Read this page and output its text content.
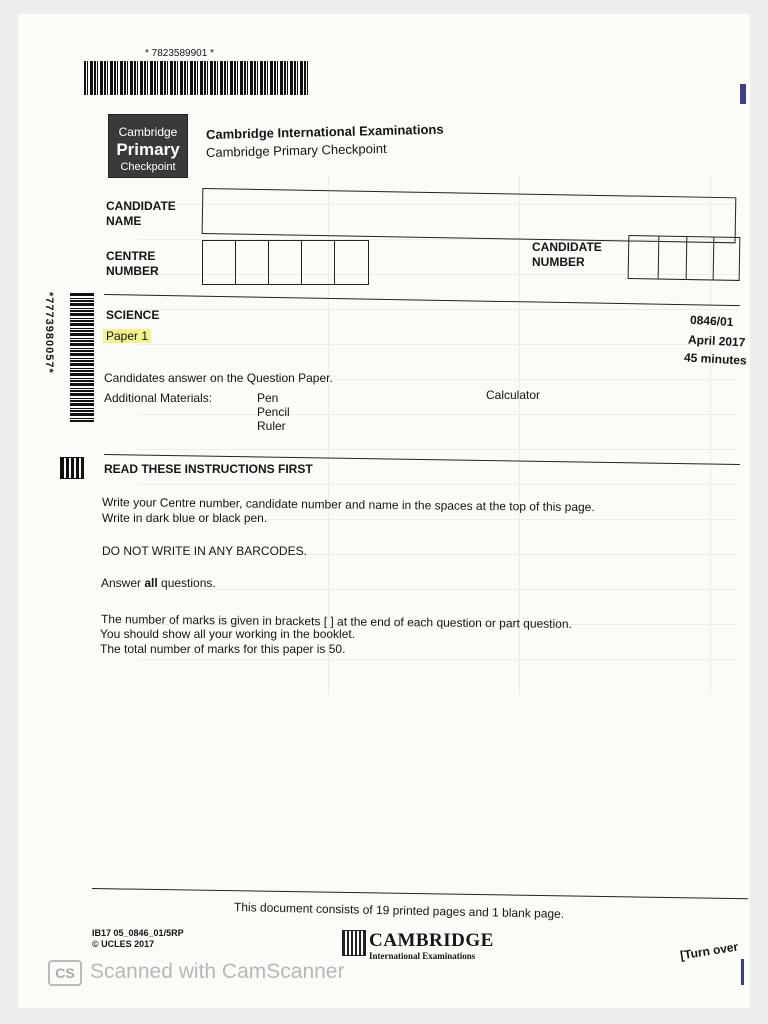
* 7823589901 *
Cambridge
Primary
Checkpoint
Cambridge International Examinations
Cambridge Primary Checkpoint
CANDIDATE
NAME
CENTRE
NUMBER
CANDIDATE
NUMBER
*7773980057*	SCIENCE
Paper 1
0846/01
April 2017
45 minutes
Candidates answer on the Question Paper.
Additional Materials:	Pen
Pencil
Ruler
Calculator
READ THESE INSTRUCTIONS FIRST
Write your Centre number, candidate number and name in the spaces at the top of this page.
Write in dark blue or black pen.
DO NOT WRITE IN ANY BARCODES.
Answer all questions.
The number of marks is given in brackets [ ] at the end of each question or part question.
You should show all your working in the booklet.
The total number of marks for this paper is 50.
This document consists of 19 printed pages and 1 blank page.
IB17 05_0846_01/5RP
© UCLES 2017	CAMBRIDGE
International Examinations	[Turn over
CS Scanned with CamScanner
